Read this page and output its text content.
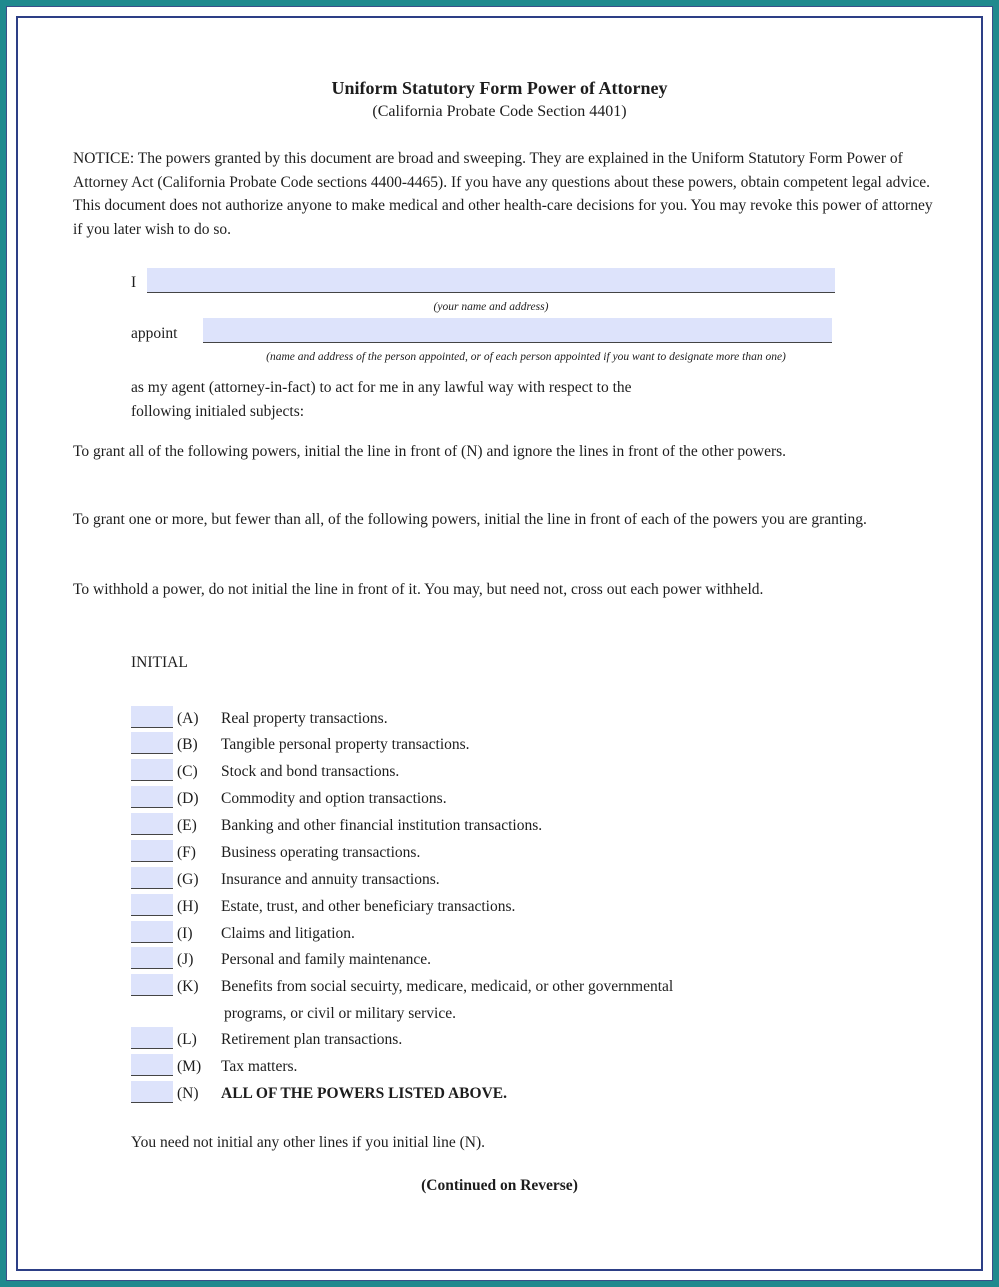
Uniform Statutory Form Power of Attorney
(California Probate Code Section 4401)
NOTICE: The powers granted by this document are broad and sweeping. They are explained in the Uniform Statutory Form Power of Attorney Act (California Probate Code sections 4400-4465). If you have any questions about these powers, obtain competent legal advice. This document does not authorize anyone to make medical and other health-care decisions for you. You may revoke this power of attorney if you later wish to do so.
I
(your name and address)
appoint
(name and address of the person appointed, or of each person appointed if you want to designate more than one)
as my agent (attorney-in-fact) to act for me in any lawful way with respect to the
following initialed subjects:
To grant all of the following powers, initial the line in front of (N) and ignore the lines in front of the other powers.
To grant one or more, but fewer than all, of the following powers, initial the line in front of each of the powers you are granting.
To withhold a power, do not initial the line in front of it. You may, but need not, cross out each power withheld.
INITIAL
(A)	Real property transactions.
(B)	Tangible personal property transactions.
(C)	Stock and bond transactions.
(D)	Commodity and option transactions.
(E)	Banking and other financial institution transactions.
(F)	Business operating transactions.
(G)	Insurance and annuity transactions.
(H)	Estate, trust, and other beneficiary transactions.
(I)	Claims and litigation.
(J)	Personal and family maintenance.
(K)	Benefits from social secuirty, medicare, medicaid, or other governmental
programs, or civil or military service.
(L)	Retirement plan transactions.
(M)	Tax matters.
(N)	ALL OF THE POWERS LISTED ABOVE.
You need not initial any other lines if you initial line (N).
(Continued on Reverse)
